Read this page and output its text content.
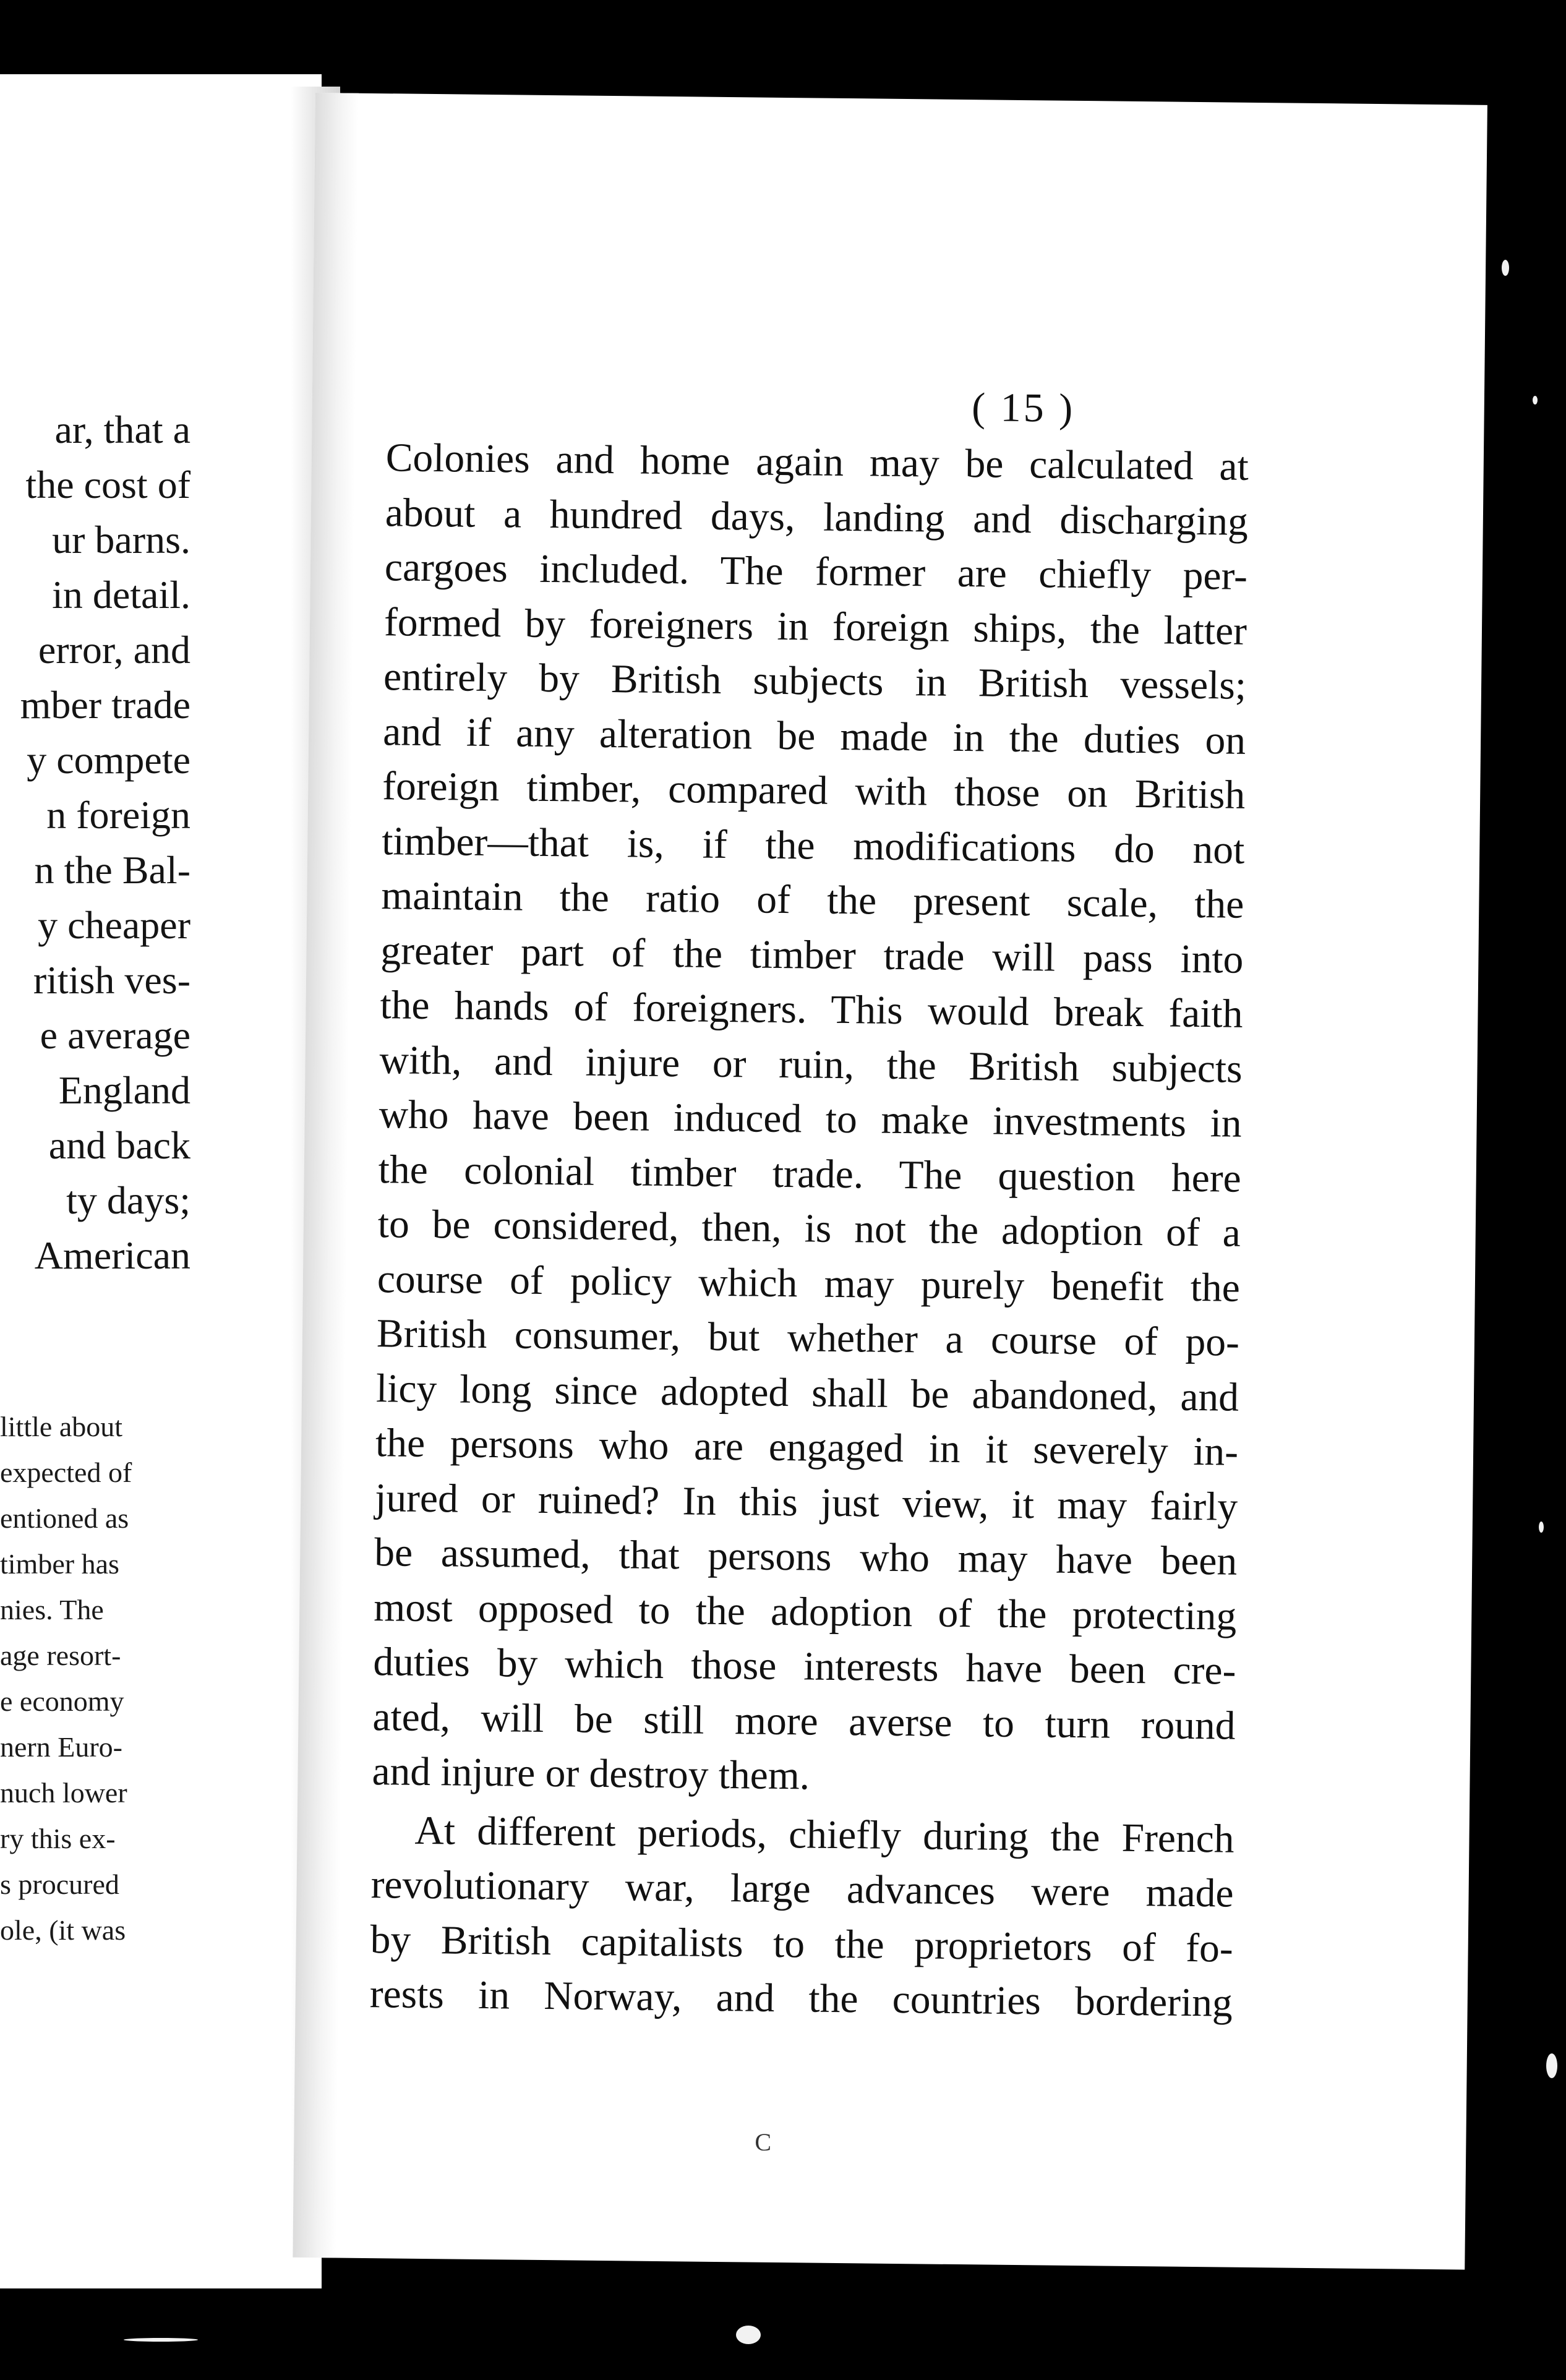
ar, that a
the cost of
ur barns.
in detail.
error, and
mber trade
y compete
n foreign
n the Bal-
y cheaper
ritish ves-
e average
England
and back
ty days;
American
little about
expected of
entioned as
timber has
nies. The
age resort-
e economy
nern Euro-
nuch lower
ry this ex-
s procured
ole, (it was
( 15 )
Colonies and home again may be calculated at
about a hundred days, landing and discharging
cargoes included. The former are chiefly per-
formed by foreigners in foreign ships, the latter
entirely by British subjects in British vessels;
and if any alteration be made in the duties on
foreign timber, compared with those on British
timber—that is, if the modifications do not
maintain the ratio of the present scale, the
greater part of the timber trade will pass into
the hands of foreigners. This would break faith
with, and injure or ruin, the British subjects
who have been induced to make investments in
the colonial timber trade. The question here
to be considered, then, is not the adoption of a
course of policy which may purely benefit the
British consumer, but whether a course of po-
licy long since adopted shall be abandoned, and
the persons who are engaged in it severely in-
jured or ruined? In this just view, it may fairly
be assumed, that persons who may have been
most opposed to the adoption of the protecting
duties by which those interests have been cre-
ated, will be still more averse to turn round
and injure or destroy them.
At different periods, chiefly during the French
revolutionary war, large advances were made
by British capitalists to the proprietors of fo-
rests in Norway, and the countries bordering
C
